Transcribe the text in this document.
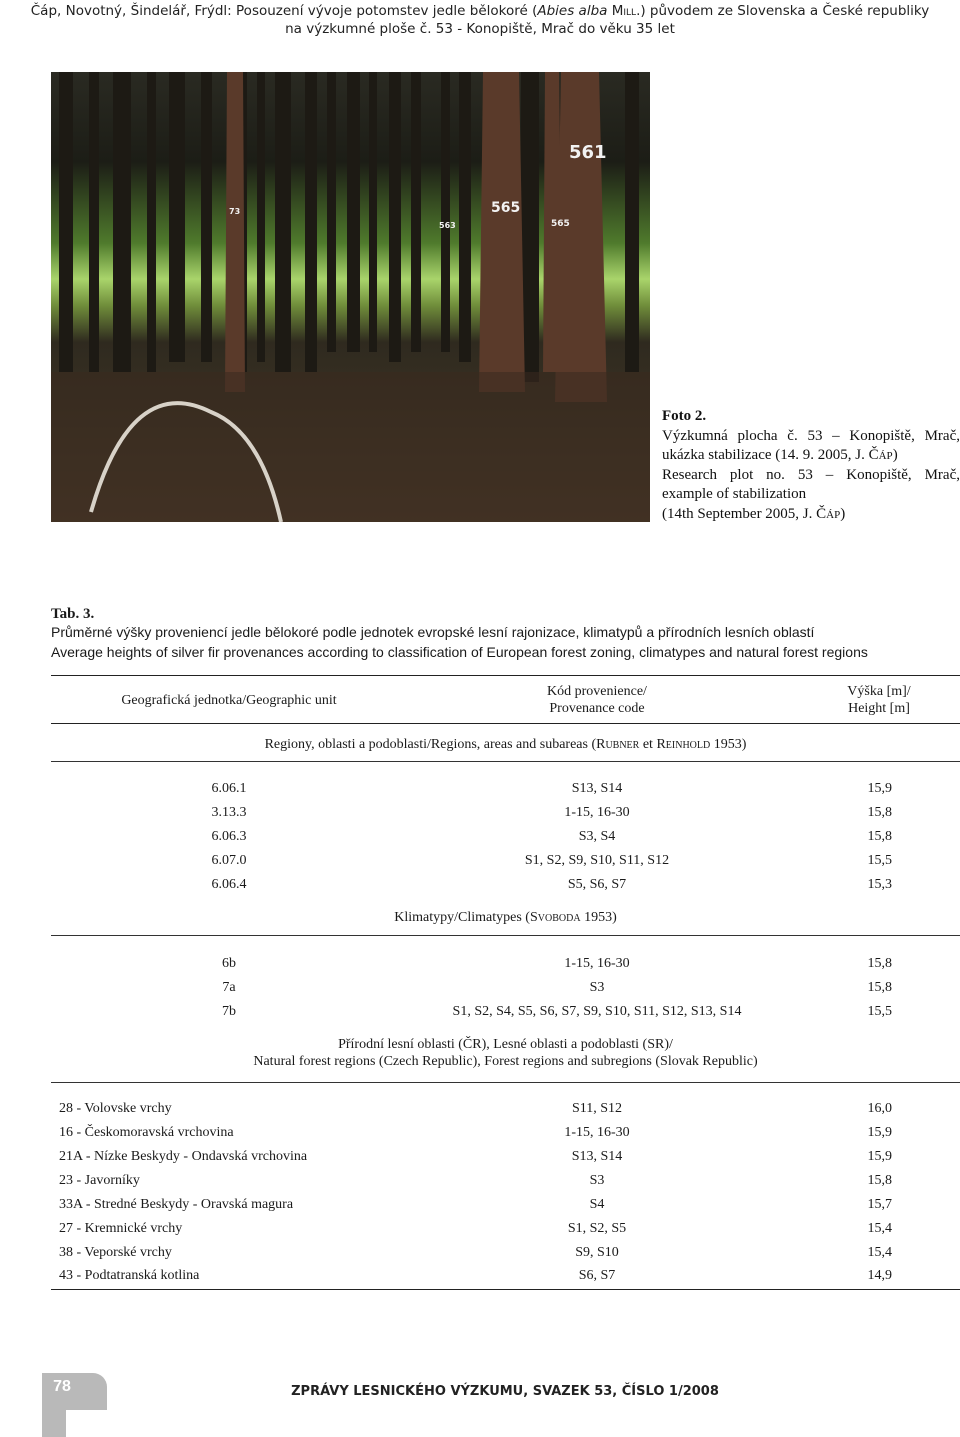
Čáp, Novotný, Šindelář, Frýdl: Posouzení vývoje potomstev jedle bělokoré (Abies alba Mill.) původem ze Slovenska a České republiky
na výzkumné ploše č. 53 - Konopiště, Mrač do věku 35 let
561
565
73
563	565
Foto 2.
Výzkumná plocha č. 53 – Konopiště, Mrač,
ukázka stabilizace (14. 9. 2005, J. Čáp)
Research plot no. 53 – Konopiště, Mrač,
example of stabilization
(14th September 2005, J. Čáp)
Tab. 3.
Průměrné výšky proveniencí jedle bělokoré podle jednotek evropské lesní rajonizace, klimatypů a přírodních lesních oblastí
Average heights of silver fir provenances according to classification of European forest zoning, climatypes and natural forest regions
Geografická jednotka/Geographic unit
Kód provenience/
Provenance code
Výška [m]/
Height [m]
Regiony, oblasti a podoblasti/Regions, areas and subareas (Rubner et Reinhold 1953)
6.06.1	S13, S14	15,9
3.13.3	1-15, 16-30	15,8
6.06.3	S3, S4	15,8
6.07.0	S1, S2, S9, S10, S11, S12	15,5
6.06.4	S5, S6, S7	15,3
Klimatypy/Climatypes (Svoboda 1953)
6b	1-15, 16-30	15,8
7a	S3	15,8
7b	S1, S2, S4, S5, S6, S7, S9, S10, S11, S12, S13, S14	15,5
Přírodní lesní oblasti (ČR), Lesné oblasti a podoblasti (SR)/
Natural forest regions (Czech Republic), Forest regions and subregions (Slovak Republic)
28 - Volovske vrchy	S11, S12	16,0
16 - Českomoravská vrchovina	1-15, 16-30	15,9
21A - Nízke Beskydy - Ondavská vrchovina	S13, S14	15,9
23 - Javorníky	S3	15,8
33A - Stredné Beskydy - Oravská magura	S4	15,7
27 - Kremnické vrchy	S1, S2, S5	15,4
38 - Veporské vrchy	S9, S10	15,4
43 - Podtatranská kotlina	S6, S7	14,9
78	ZPRÁVY LESNICKÉHO VÝZKUMU, SVAZEK 53, ČÍSLO 1/2008
